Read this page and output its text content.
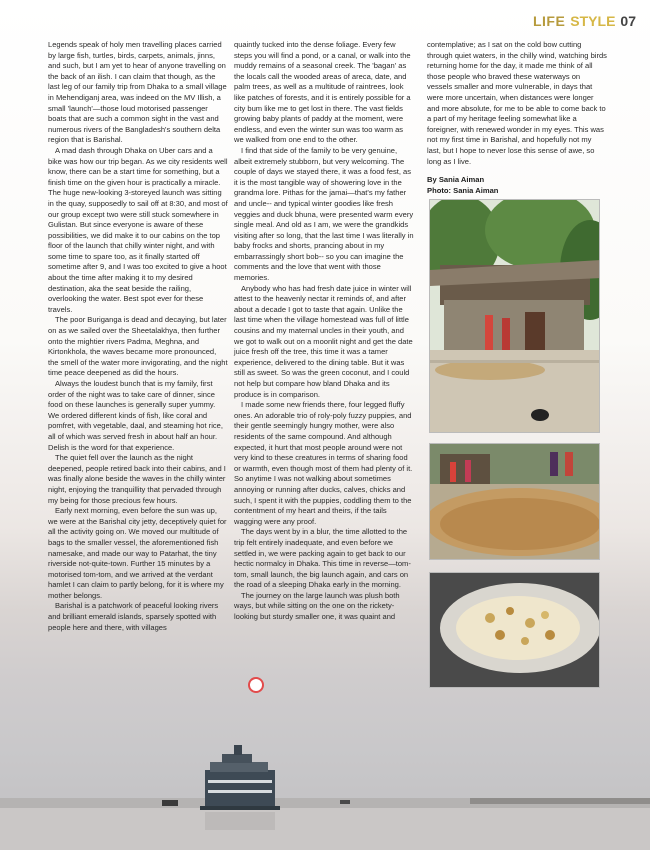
LIFE STYLE 07

Legends speak of holy men travelling places carried by large fish, turtles, birds, carpets, animals, jinns, and such, but I am yet to hear of anyone travelling on the back of an ilish. I can claim that though, as the last leg of our family trip from Dhaka to a small village in Mehendiganj area, was indeed on the MV Illish, a small 'launch'—those loud motorised passenger boats that are such a common sight in the vast and numerous rivers of the Bangladesh's southern delta region that is Barishal.

A mad dash through Dhaka on Uber cars and a bike was how our trip began. As we city residents well know, there can be a start time for something, but a finish time on the given hour is practically a miracle. The huge new-looking 3-storeyed launch was sitting in the quay, supposedly to sail off at 8:30, and most of our group except two were still stuck somewhere in Gulistan. But since everyone is aware of these possibilities, we did make it to our cabins on the top floor of the launch that chilly winter night, and with some time to spare too, as it finally started off sometime after 9, and I was too excited to give a hoot about the time after making it to my desired destination, aka the seat beside the railing, overlooking the water. Best spot ever for these travels.

The poor Buriganga is dead and decaying, but later on as we sailed over the Sheetalakhya, then further onto the mightier rivers Padma, Meghna, and Kirtonkhola, the waves became more pronounced, the smell of the water more invigorating, and the night time peace deepened as did the hours.

Always the loudest bunch that is my family, first order of the night was to take care of dinner, since food on these launches is generally super yummy. We ordered different kinds of fish, like coral and pomfret, with vegetable, daal, and steaming hot rice, all of which was served fresh in about half an hour. Delish is the word for that experience.

The quiet fell over the launch as the night deepened, people retired back into their cabins, and I was finally alone beside the waves in the chilly winter night, enjoying the tranquillity that pervaded through my being for those precious few hours.

Early next morning, even before the sun was up, we were at the Barishal city jetty, deceptively quiet for all the activity going on. We moved our multitude of bags to the smaller vessel, the aforementioned fish namesake, and made our way to Patarhat, the tiny riverside not-quite-town. Further 15 minutes by a motorised tom-tom, and we arrived at the verdant hamlet I can claim to partly belong, for it is where my mother belongs.

Barishal is a patchwork of peaceful looking rivers and brilliant emerald islands, sparsely spotted with people here and there, with villages

quaintly tucked into the dense foliage. Every few steps you will find a pond, or a canal, or walk into the muddy remains of a seasonal creek. The 'bagan' as the locals call the wooded areas of areca, date, and palm trees, as well as a multitude of raintrees, look like patches of forests, and it is entirely possible for a city bum like me to get lost in there. The vast fields growing baby plants of paddy at the moment, were endless, and even the winter sun was too warm as we walked from one end to the other.

I find that side of the family to be very genuine, albeit extremely stubborn, but very welcoming. The couple of days we stayed there, it was a food fest, as it is the most tangible way of showering love in the grandma lore. Pithas for the jamai—that's my father and uncle-- and typical winter goodies like fresh veggies and duck bhuna, were presented warm every single meal. And old as I am, we were the grandkids visiting after so long, that the last time I was literally in baby frocks and shorts, prancing about in my embarrassingly short bob-- so you can imagine the comments and the love that went with those memories.

Anybody who has had fresh date juice in winter will attest to the heavenly nectar it reminds of, and after about a decade I got to taste that again. Unlike the last time when the village homestead was full of little cousins and my maternal uncles in their youth, and we got to walk out on a moonlit night and get the date juice fresh off the tree, this time it was a tamer experience, delivered to the dining table. But it was still as sweet. So was the green coconut, and I could not help but compare how bland Dhaka and its produce is in comparison.

I made some new friends there, four legged fluffy ones. An adorable trio of roly-poly fuzzy puppies, and their gentle seemingly hungry mother, were also residents of the same compound. And although expected, it hurt that most people around were not very kind to these creatures in terms of sharing food or warmth, even though most of them had plenty of it. So anytime I was not walking about sometimes annoying or running after ducks, calves, chicks and such, I spent it with the puppies, coddling them to the contentment of my heart and theirs, if the tails wagging were any proof.

The days went by in a blur, the time allotted to the trip felt entirely inadequate, and even before we settled in, we were packing again to get back to our hectic normalcy in Dhaka. This time in reverse—tom-tom, small launch, the big launch again, and cars on the road of a sleeping Dhaka early in the morning.

The journey on the large launch was plush both ways, but while sitting on the one on the rickety-looking but sturdy smaller one, it was quaint and

contemplative; as I sat on the cold bow cutting through quiet waters, in the chilly wind, watching birds returning home for the day, it made me think of all those people who braved these waterways on vessels smaller and more vulnerable, in days that were more uncertain, when distances were longer and more absolute, for me to be able to come back to a part of my heritage feeling somewhat like a foreigner, with renewed wonder in my eyes. This was not my first time in Barishal, and hopefully not my last, but I hope to never lose this sense of awe, so long as I live.

By Sania Aiman
Photo: Sania Aiman
